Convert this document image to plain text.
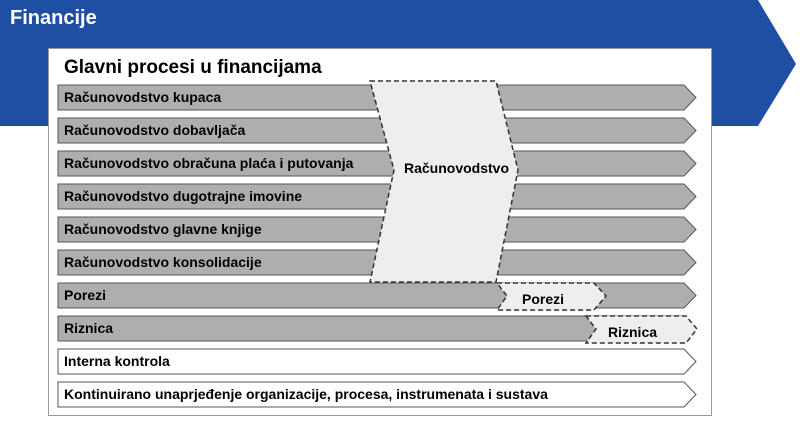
Financije
Glavni procesi u financijama
Računovodstvo kupaca
Računovodstvo dobavljača
Računovodstvo obračuna plaća i putovanja
Računovodstvo dugotrajne imovine
Računovodstvo glavne knjige
Računovodstvo konsolidacije
Porezi
Riznica
Interna kontrola
Kontinuirano unaprjeđenje organizacije, procesa, instrumenata i sustava
Računovodstvo
Porezi
Riznica
